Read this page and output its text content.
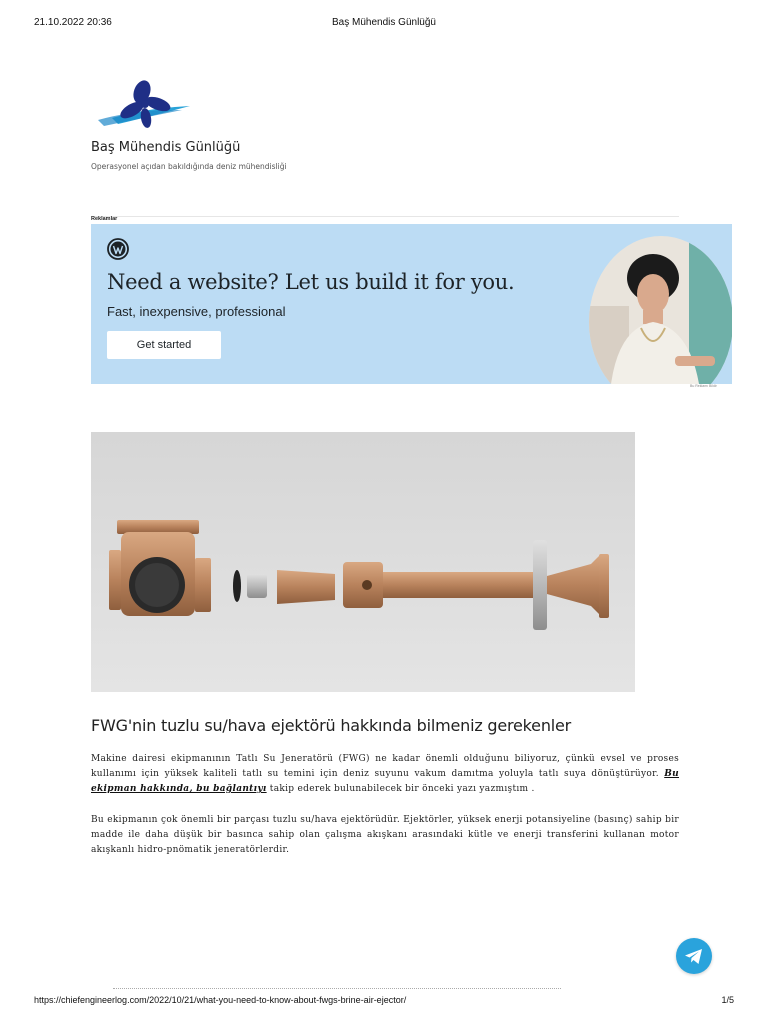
21.10.2022 20:36	Baş Mühendis Günlüğü
Baş Mühendis Günlüğü
Operasyonel açıdan bakıldığında deniz mühendisliği
Reklamlar
Need a website? Let us build it for you.
Fast, inexpensive, professional
Get started
Bu Reklamı Bildir
FWG'nin tuzlu su/hava ejektörü hakkında bilmeniz gerekenler

Makine dairesi ekipmanının Tatlı Su Jeneratörü (FWG) ne kadar önemli olduğunu biliyoruz, çünkü evsel ve proses kullanımı için yüksek kaliteli tatlı su temini için deniz suyunu vakum damıtma yoluyla tatlı suya dönüştürüyor. Bu ekipman hakkında, bu bağlantıyı takip ederek bulunabilecek bir önceki yazı yazmıştım .

Bu ekipmanın çok önemli bir parçası tuzlu su/hava ejektörüdür. Ejektörler, yüksek enerji potansiyeline (basınç) sahip bir madde ile daha düşük bir basınca sahip olan çalışma akışkanı arasındaki kütle ve enerji transferini kullanan motor akışkanlı hidro-pnömatik jeneratörlerdir.

https://chiefengineerlog.com/2022/10/21/what-you-need-to-know-about-fwgs-brine-air-ejector/	1/5
